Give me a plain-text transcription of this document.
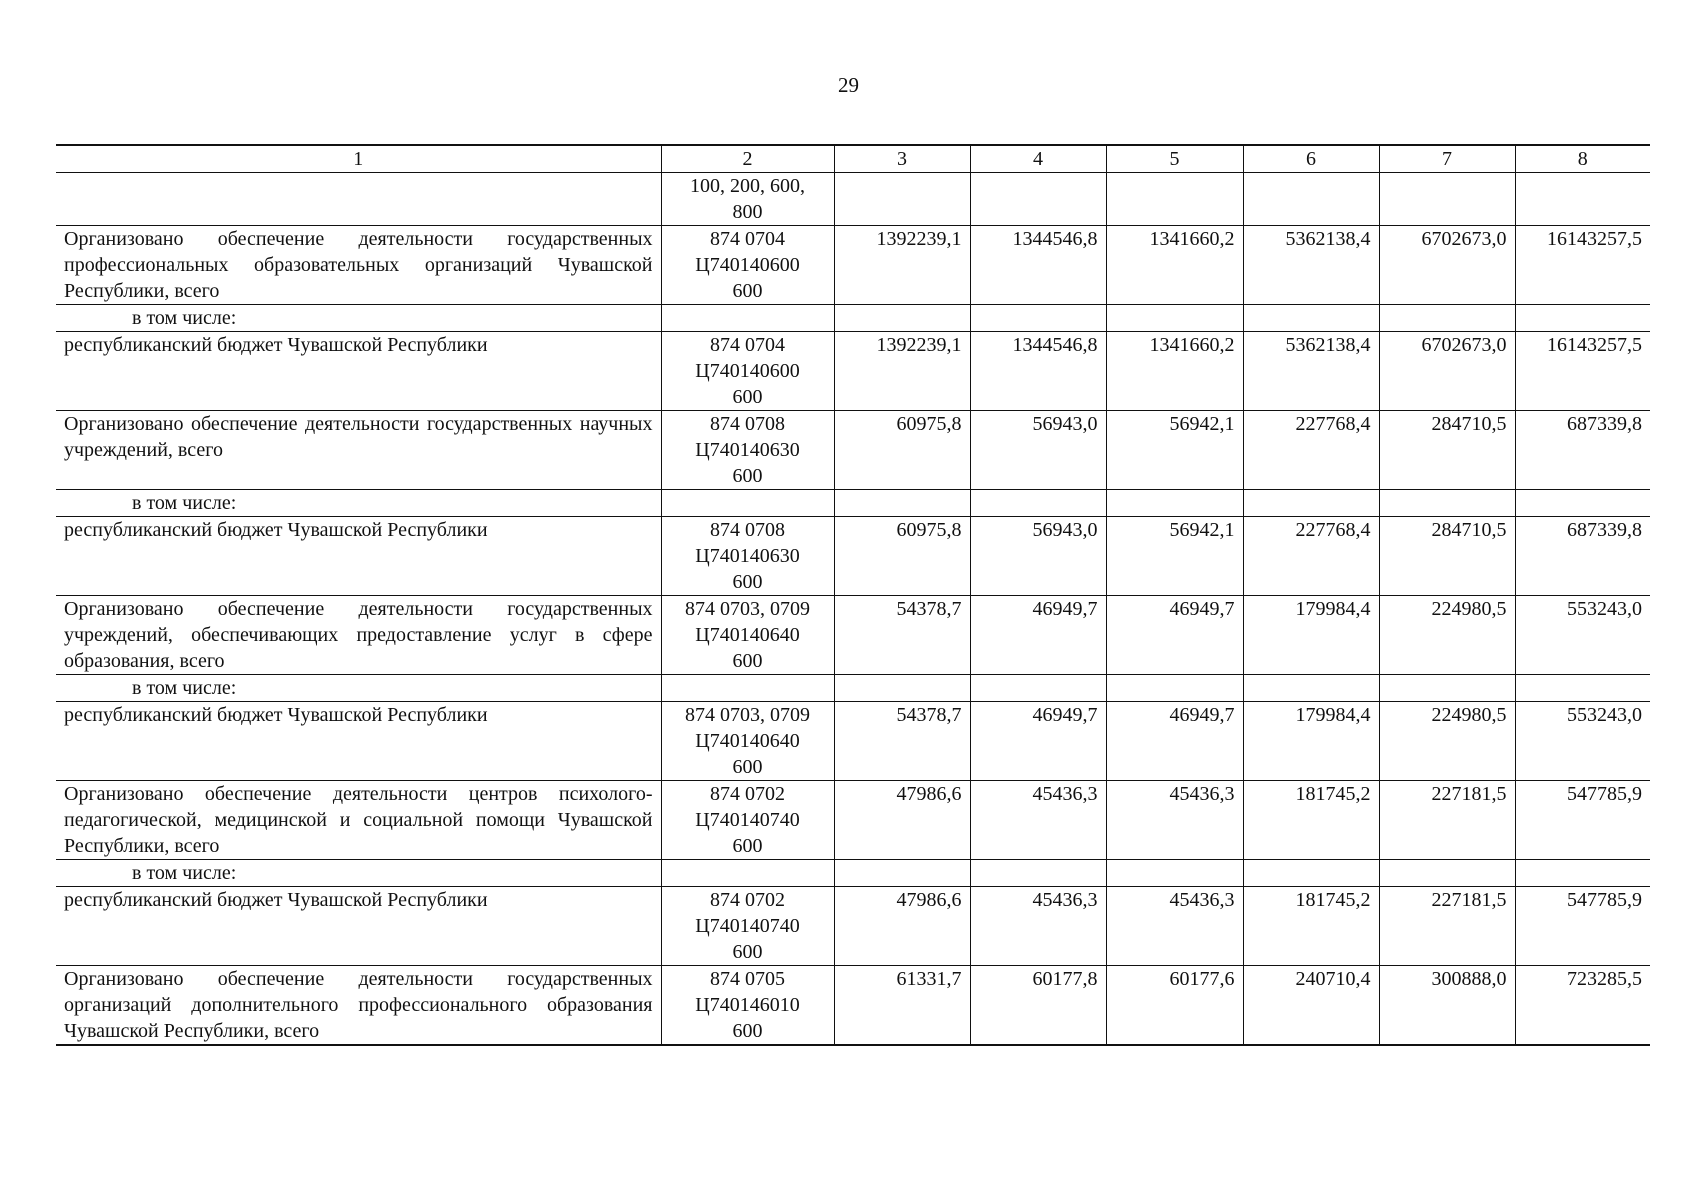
29
1	2	3	4	5	6	7	8

	100, 200, 600,
800						

Организовано обеспечение деятельности государственных профессиональных образовательных организаций Чувашской Республики, всего	874 0704
Ц740140600
600	1392239,1	1344546,8	1341660,2	5362138,4	6702673,0	16143257,5
в том числе:							
республиканский бюджет Чувашской Республики	874 0704
Ц740140600
600	1392239,1	1344546,8	1341660,2	5362138,4	6702673,0	16143257,5
Организовано обеспечение деятельности государственных научных учреждений, всего	874 0708
Ц740140630
600	60975,8	56943,0	56942,1	227768,4	284710,5	687339,8
в том числе:							
республиканский бюджет Чувашской Республики	874 0708
Ц740140630
600	60975,8	56943,0	56942,1	227768,4	284710,5	687339,8
Организовано обеспечение деятельности государственных учреждений, обеспечивающих предоставление услуг в сфере образования, всего	874 0703, 0709
Ц740140640
600	54378,7	46949,7	46949,7	179984,4	224980,5	553243,0
в том числе:							
республиканский бюджет Чувашской Республики	874 0703, 0709
Ц740140640
600	54378,7	46949,7	46949,7	179984,4	224980,5	553243,0
Организовано обеспечение деятельности центров психолого-педагогической, медицинской и социальной помощи Чувашской Республики, всего	874 0702
Ц740140740
600	47986,6	45436,3	45436,3	181745,2	227181,5	547785,9
в том числе:							
республиканский бюджет Чувашской Республики	874 0702
Ц740140740
600	47986,6	45436,3	45436,3	181745,2	227181,5	547785,9
Организовано обеспечение деятельности государственных организаций дополнительного профессионального образования Чувашской Республики, всего	874 0705
Ц740146010
600	61331,7	60177,8	60177,6	240710,4	300888,0	723285,5
